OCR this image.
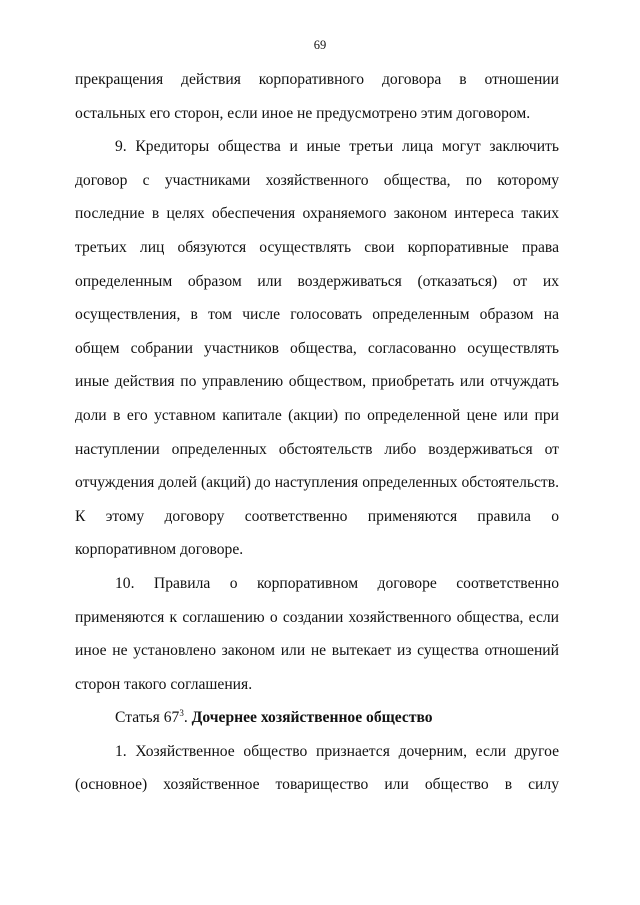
69

прекращения действия корпоративного договора в отношении остальных его сторон, если иное не предусмотрено этим договором.

9. Кредиторы общества и иные третьи лица могут заключить договор с участниками хозяйственного общества, по которому последние в целях обеспечения охраняемого законом интереса таких третьих лиц обязуются осуществлять свои корпоративные права определенным образом или воздерживаться (отказаться) от их осуществления, в том числе голосовать определенным образом на общем собрании участников общества, согласованно осуществлять иные действия по управлению обществом, приобретать или отчуждать доли в его уставном капитале (акции) по определенной цене или при наступлении определенных обстоятельств либо воздерживаться от отчуждения долей (акций) до наступления определенных обстоятельств. К этому договору соответственно применяются правила о корпоративном договоре.

10. Правила о корпоративном договоре соответственно применяются к соглашению о создании хозяйственного общества, если иное не установлено законом или не вытекает из существа отношений сторон такого соглашения.

Статья $67^3$. Дочернее хозяйственное общество

1. Хозяйственное общество признается дочерним, если другое

(основное) хозяйственное товарищество или общество в силу
